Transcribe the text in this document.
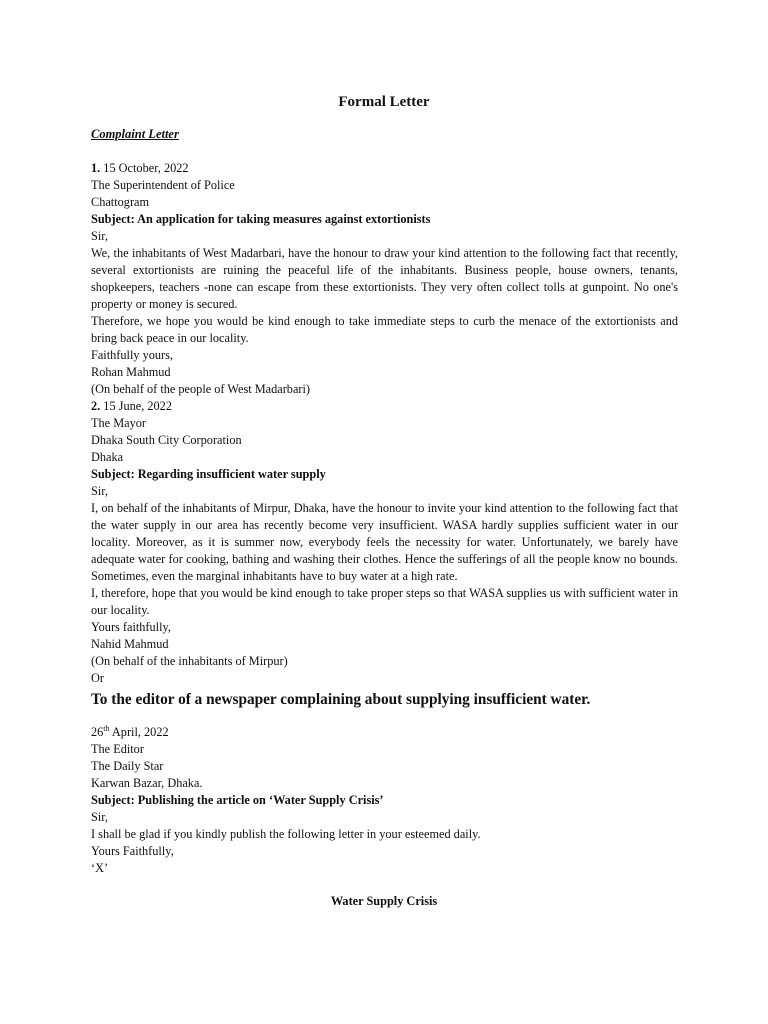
Formal Letter
Complaint Letter

1. 15 October, 2022

The Superintendent of Police

Chattogram

Subject: An application for taking measures against extortionists

Sir,

We, the inhabitants of West Madarbari, have the honour to draw your kind attention to the following fact that recently, several extortionists are ruining the peaceful life of the inhabitants. Business people, house owners, tenants, shopkeepers, teachers -none can escape from these extortionists. They very often collect tolls at gunpoint. No one's property or money is secured.

Therefore, we hope you would be kind enough to take immediate steps to curb the menace of the extortionists and bring back peace in our locality.

Faithfully yours,

Rohan Mahmud

(On behalf of the people of West Madarbari)

2. 15 June, 2022

The Mayor

Dhaka South City Corporation

Dhaka

Subject: Regarding insufficient water supply

Sir,

I, on behalf of the inhabitants of Mirpur, Dhaka, have the honour to invite your kind attention to the following fact that the water supply in our area has recently become very insufficient. WASA hardly supplies sufficient water in our locality. Moreover, as it is summer now, everybody feels the necessity for water. Unfortunately, we barely have adequate water for cooking, bathing and washing their clothes. Hence the sufferings of all the people know no bounds. Sometimes, even the marginal inhabitants have to buy water at a high rate.

I, therefore, hope that you would be kind enough to take proper steps so that WASA supplies us with sufficient water in our locality.

Yours faithfully,

Nahid Mahmud

(On behalf of the inhabitants of Mirpur)

Or

To the editor of a newspaper complaining about supplying insufficient water.

26th April, 2022

The Editor

The Daily Star

Karwan Bazar, Dhaka.

Subject: Publishing the article on ‘Water Supply Crisis’

Sir,

I shall be glad if you kindly publish the following letter in your esteemed daily.

Yours Faithfully,

‘X’

Water Supply Crisis
